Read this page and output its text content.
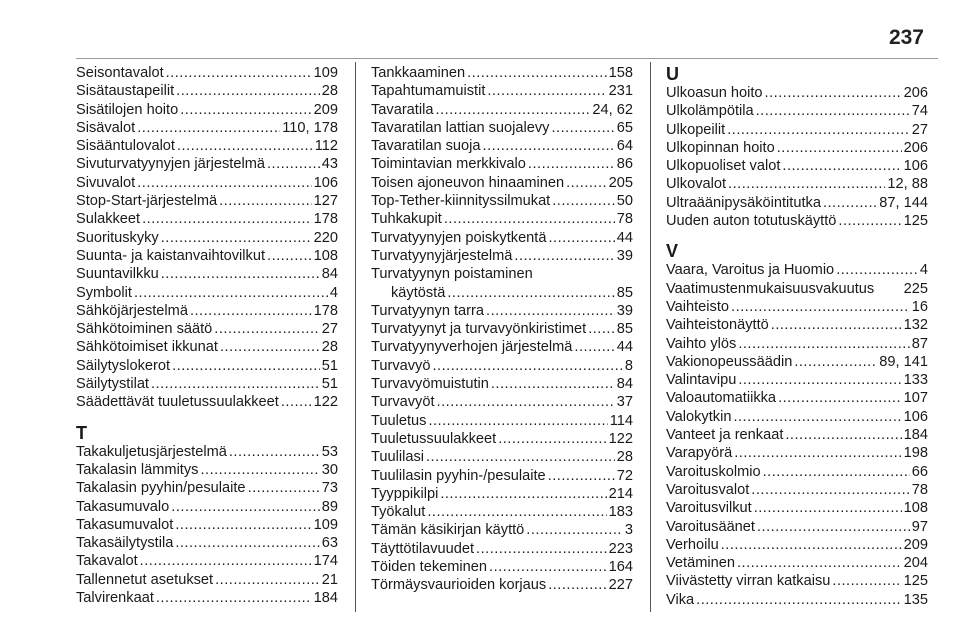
237
Seisontavalot .....	109
Sisätaustapeilit .....	28
Sisätilojen hoito .....	209
Sisävalot .....	110, 178
Sisääntulovalot .....	112
Sivuturvatyynyjen järjestelmä .....	43
Sivuvalot .....	106
Stop-Start-järjestelmä .....	127
Sulakkeet .....	178
Suorituskyky .....	220
Suunta- ja kaistanvaihtovilkut .....	108
Suuntavilkku .....	84
Symbolit .....	4
Sähköjärjestelmä .....	178
Sähkötoiminen säätö .....	27
Sähkötoimiset ikkunat .....	28
Säilytyslokerot .....	51
Säilytystilat .....	51
Säädettävät tuuletussuulakkeet ..... 122
T
Takakuljetusjärjestelmä .....	53
Takalasin lämmitys .....	30
Takalasin pyyhin/pesulaite .....	73
Takasumuvalo .....	89
Takasumuvalot .....	109
Takasäilytystila .....	63
Takavalot .....	174
Tallennetut asetukset .....	21
Talvirenkaat .....	184
Tankkaaminen .....	158
Tapahtumamuistit .....	231
Tavaratila .....	24, 62
Tavaratilan lattian suojalevy .....	65
Tavaratilan suoja .....	64
Toimintavian merkkivalo .....	86
Toisen ajoneuvon hinaaminen .....	205
Top-Tether-kiinnityssilmukat .....	50
Tuhkakupit .....	78
Turvatyynyjen poiskytkentä .....	44
Turvatyynyjärjestelmä .....	39
Turvatyynyn poistaminen
käytöstä .....	85
Turvatyynyn tarra .....	39
Turvatyynyt ja turvavyönkiristimet ..... 85
Turvatyynyverhojen järjestelmä .....	44
Turvavyö .....	8
Turvavyömuistutin .....	84
Turvavyöt .....	37
Tuuletus .....	114
Tuuletussuulakkeet .....	122
Tuulilasi .....	28
Tuulilasin pyyhin-/pesulaite .....	72
Tyyppikilpi .....	214
Työkalut .....	183
Tämän käsikirjan käyttö .....	3
Täyttötilavuudet .....	223
Töiden tekeminen .....	164
Törmäysvaurioiden korjaus .....	227
U
Ulkoasun hoito .....	206
Ulkolämpötila .....	74
Ulkopeilit .....	27
Ulkopinnan hoito .....	206
Ulkopuoliset valot .....	106
Ulkovalot .....	12, 88
Ultraäänipysäköintitutka .....	87, 144
Uuden auton totutuskäyttö .....	125
V
Vaara, Varoitus ja Huomio .....	4
Vaatimustenmukaisuusvakuutus 225
Vaihteisto .....	16
Vaihteistonäyttö .....	132
Vaihto ylös .....	87
Vakionopeussäädin .....	89, 141
Valintavipu .....	133
Valoautomatiikka .....	107
Valokytkin .....	106
Vanteet ja renkaat .....	184
Varapyörä .....	198
Varoituskolmio .....	66
Varoitusvalot .....	78
Varoitusvilkut .....	108
Varoitusäänet .....	97
Verhoilu .....	209
Vetäminen .....	204
Viivästetty virran katkaisu .....	125
Vika .....	135
